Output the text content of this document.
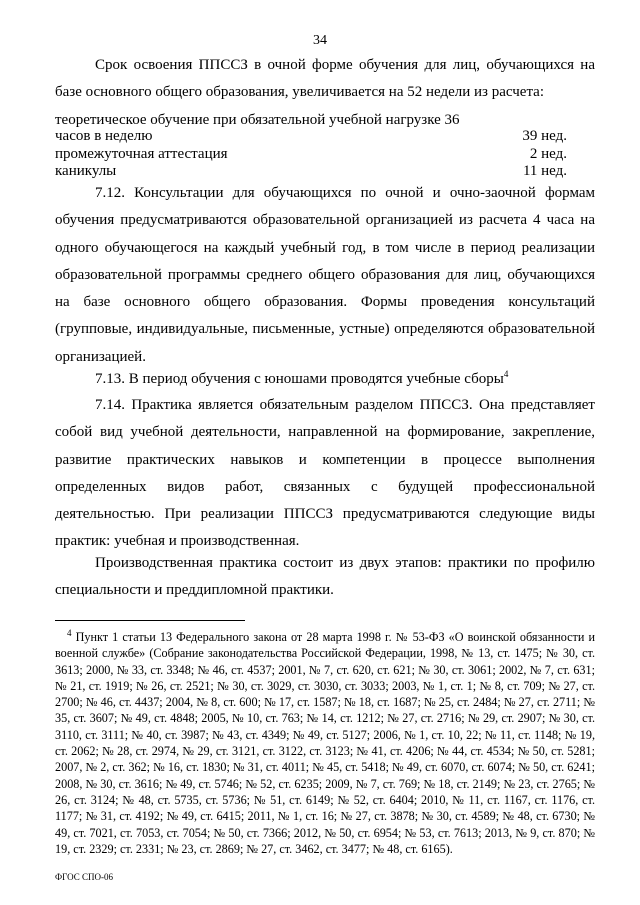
34

Срок освоения ППССЗ в очной форме обучения для лиц, обучающихся на базе основного общего образования, увеличивается на 52 недели из расчета:

теоретическое обучение при обязательной учебной нагрузке 36 часов в неделю	39 нед.
промежуточная аттестация	2 нед.
каникулы	11 нед.

7.12. Консультации для обучающихся по очной и очно-заочной формам обучения предусматриваются образовательной организацией из расчета 4 часа на одного обучающегося на каждый учебный год, в том числе в период реализации образовательной программы среднего общего образования для лиц, обучающихся на базе основного общего образования. Формы проведения консультаций (групповые, индивидуальные, письменные, устные) определяются образовательной организацией.

7.13. В период обучения с юношами проводятся учебные сборы$^4$

7.14. Практика является обязательным разделом ППССЗ. Она представляет собой вид учебной деятельности, направленной на формирование, закрепление, развитие практических навыков и компетенции в процессе выполнения определенных видов работ, связанных с будущей профессиональной деятельностью. При реализации ППССЗ предусматриваются следующие виды практик: учебная и производственная.

Производственная практика состоит из двух этапов: практики по профилю специальности и преддипломной практики.

$^4$ Пункт 1 статьи 13 Федерального закона от 28 марта 1998 г. № 53-ФЗ «О воинской обязанности и военной службе» (Собрание законодательства Российской Федерации, 1998, № 13, ст. 1475; № 30, ст. 3613; 2000, № 33, ст. 3348; № 46, ст. 4537; 2001, № 7, ст. 620, ст. 621; № 30, ст. 3061; 2002, № 7, ст. 631; № 21, ст. 1919; № 26, ст. 2521; № 30, ст. 3029, ст. 3030, ст. 3033; 2003, № 1, ст. 1; № 8, ст. 709; № 27, ст. 2700; № 46, ст. 4437; 2004, № 8, ст. 600; № 17, ст. 1587; № 18, ст. 1687; № 25, ст. 2484; № 27, ст. 2711; № 35, ст. 3607; № 49, ст. 4848; 2005, № 10, ст. 763; № 14, ст. 1212; № 27, ст. 2716; № 29, ст. 2907; № 30, ст. 3110, ст. 3111; № 40, ст. 3987; № 43, ст. 4349; № 49, ст. 5127; 2006, № 1, ст. 10, 22; № 11, ст. 1148; № 19, ст. 2062; № 28, ст. 2974, № 29, ст. 3121, ст. 3122, ст. 3123; № 41, ст. 4206; № 44, ст. 4534; № 50, ст. 5281; 2007, № 2, ст. 362; № 16, ст. 1830; № 31, ст. 4011; № 45, ст. 5418; № 49, ст. 6070, ст. 6074; № 50, ст. 6241; 2008, № 30, ст. 3616; № 49, ст. 5746; № 52, ст. 6235; 2009, № 7, ст. 769; № 18, ст. 2149; № 23, ст. 2765; № 26, ст. 3124; № 48, ст. 5735, ст. 5736; № 51, ст. 6149; № 52, ст. 6404; 2010, № 11, ст. 1167, ст. 1176, ст. 1177; № 31, ст. 4192; № 49, ст. 6415; 2011, № 1, ст. 16; № 27, ст. 3878; № 30, ст. 4589; № 48, ст. 6730; № 49, ст. 7021, ст. 7053, ст. 7054; № 50, ст. 7366; 2012, № 50, ст. 6954; № 53, ст. 7613; 2013, № 9, ст. 870; № 19, ст. 2329; ст. 2331; № 23, ст. 2869; № 27, ст. 3462, ст. 3477; № 48, ст. 6165).

ФГОС СПО-06
